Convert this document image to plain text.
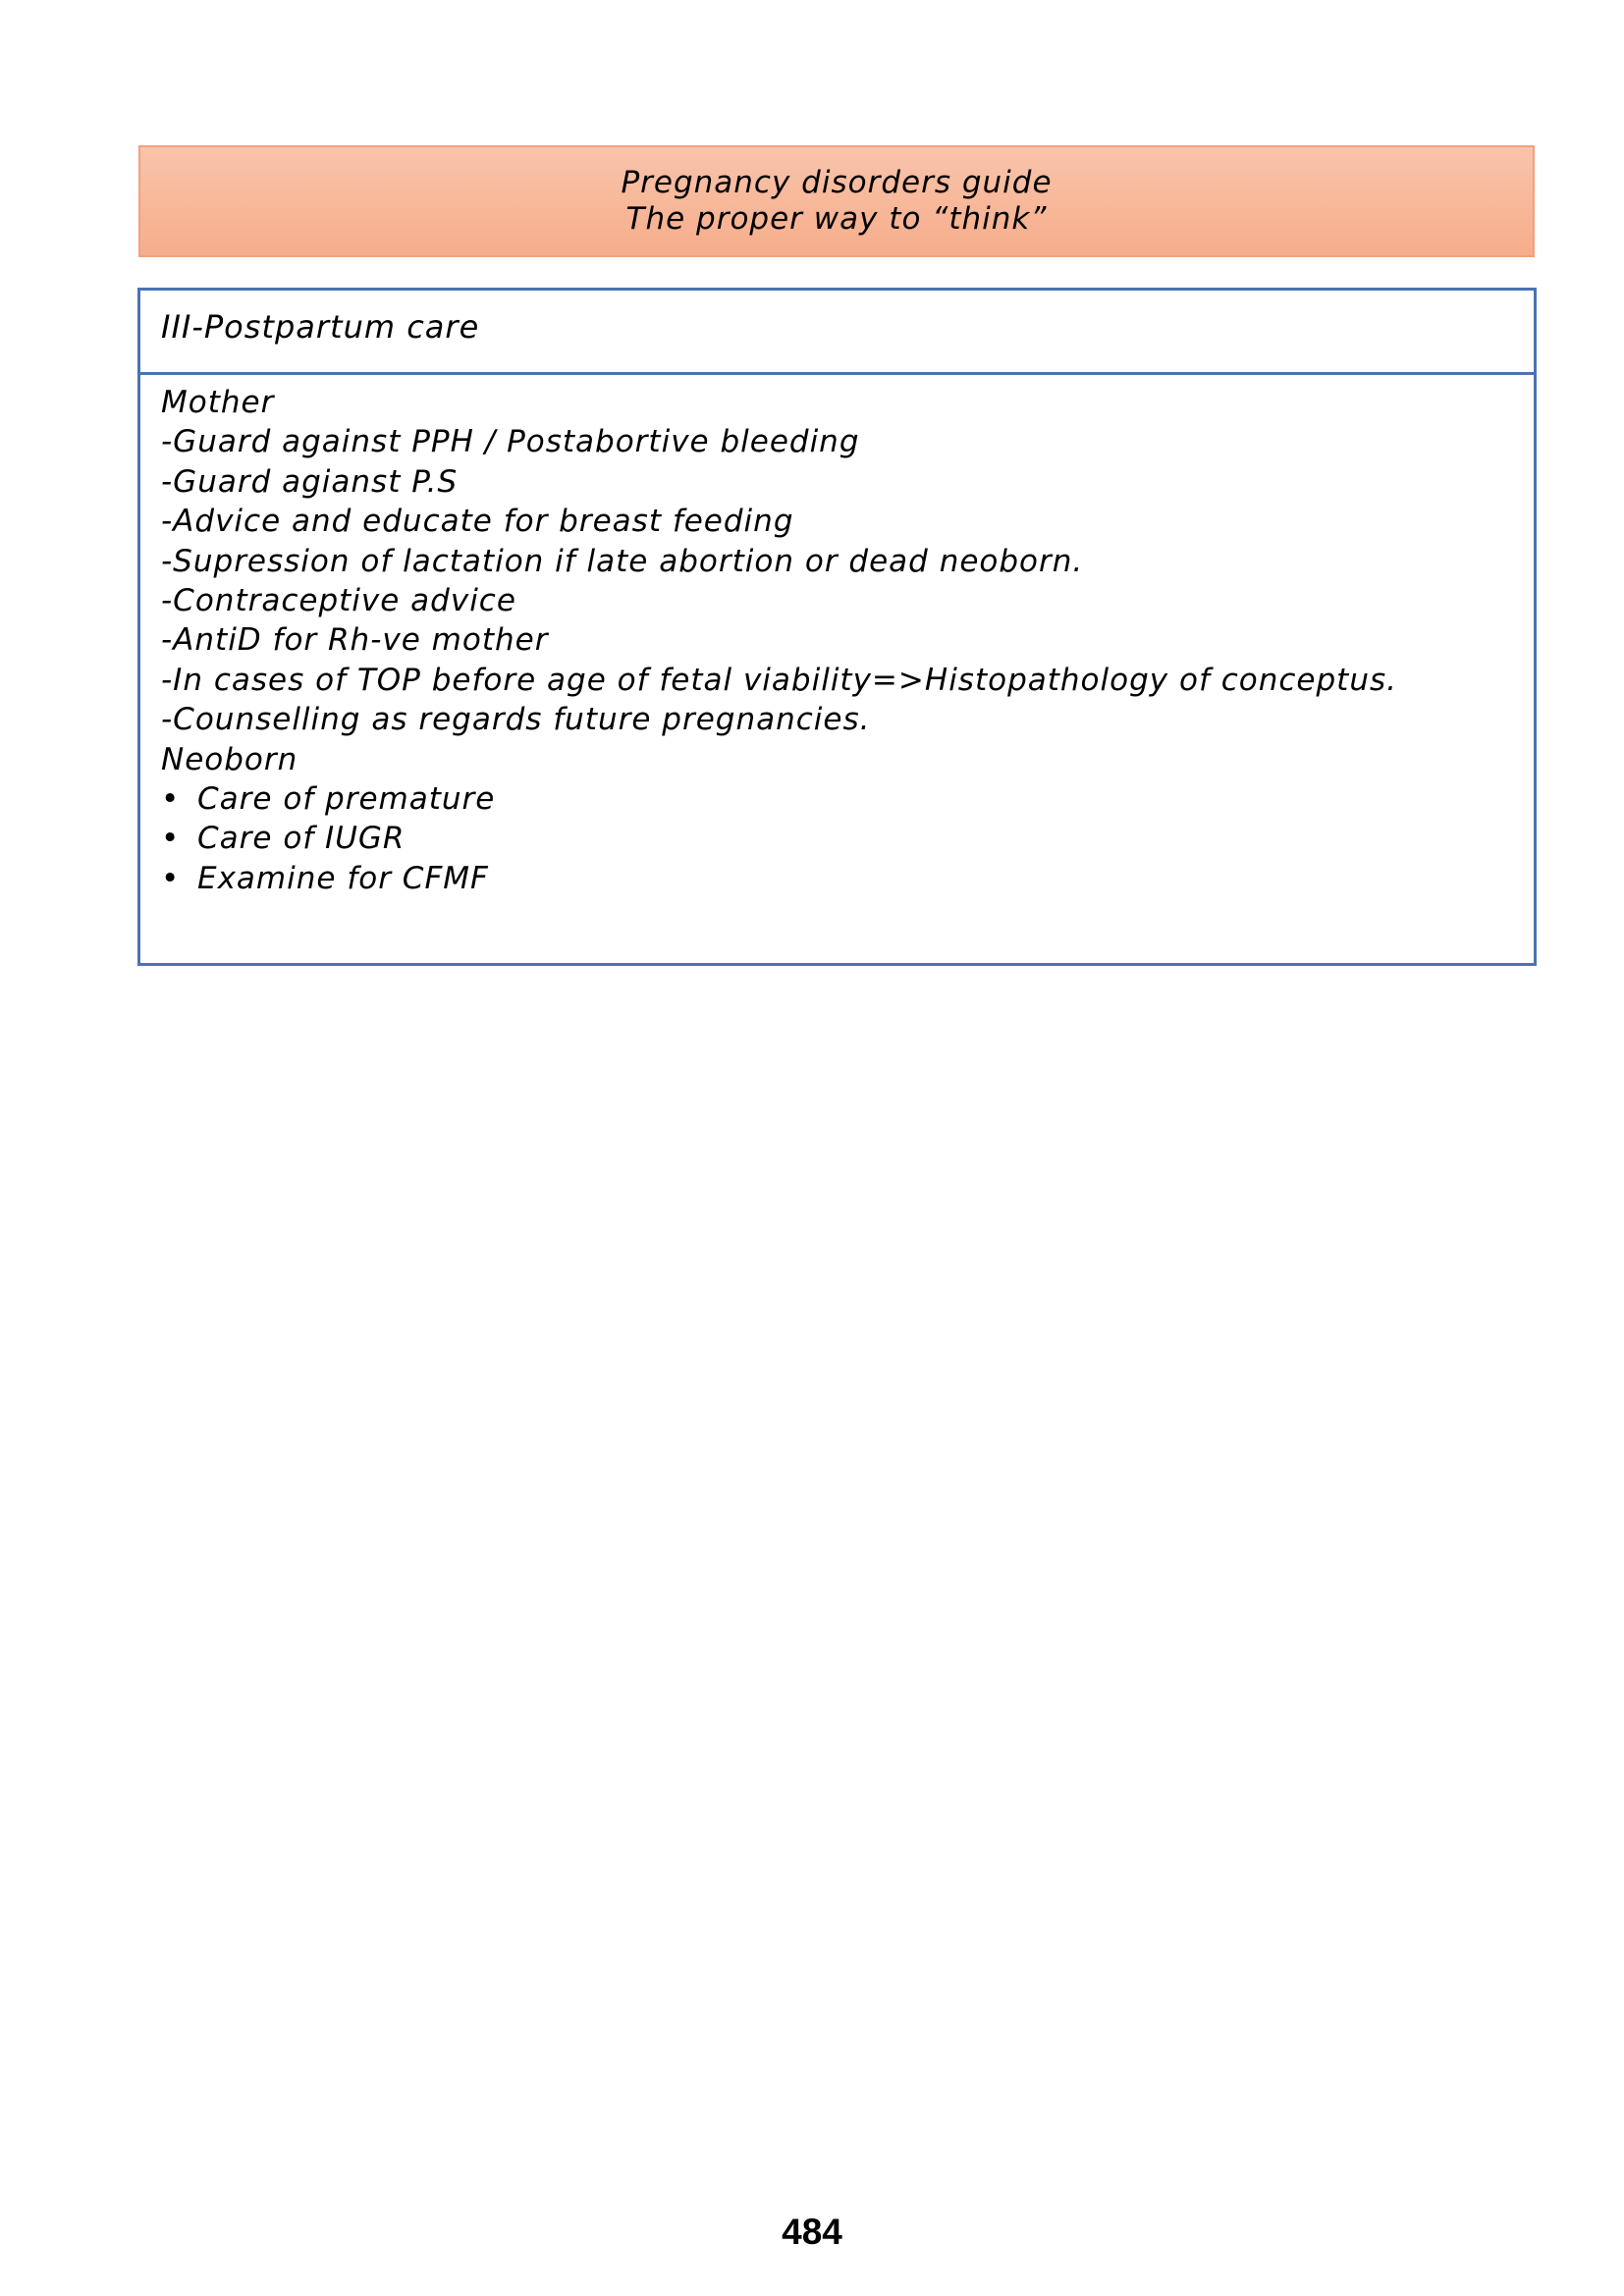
Pregnancy disorders guide
The proper way to “think”
III-Postpartum care
Mother
-Guard against PPH / Postabortive bleeding
-Guard agianst P.S
-Advice and educate for breast feeding
-Supression of lactation if late abortion or dead neoborn.
-Contraceptive advice
-AntiD for Rh-ve mother
-In cases of TOP before age of fetal viability=>Histopathology of conceptus.
-Counselling as regards future pregnancies.
Neoborn
• Care of premature
• Care of IUGR
• Examine for CFMF
484
